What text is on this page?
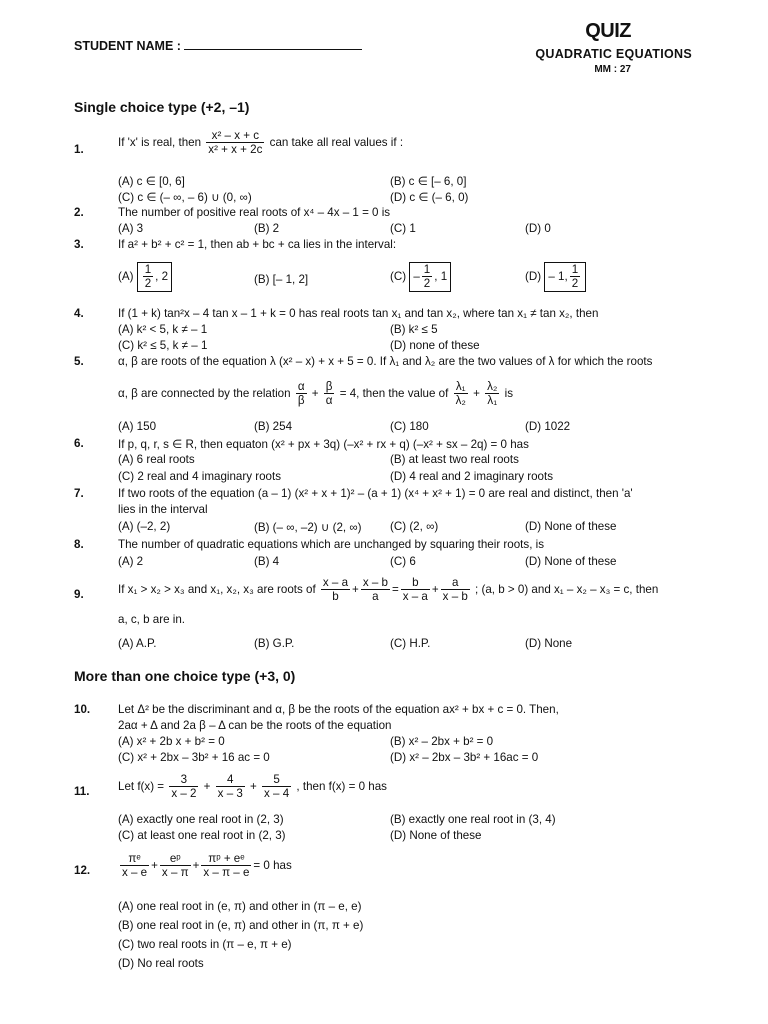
QUIZ
QUADRATIC EQUATIONS
MM : 27
STUDENT NAME :
Single choice type (+2, –1)
1.
If 'x' is real, then $\frac{\text{x² – x + c}}{\text{x² + x + 2c}}$ can take all real values if :
(A) c ∈ [0, 6]	(B) c ∈ [– 6, 0]
(C) c ∈ (– ∞, – 6) ∪ (0, ∞)	(D) c ∈ (– 6, 0)
2.	The number of positive real roots of x⁴ – 4x – 1 = 0 is
(A) 3	(B) 2	(C) 1	(D) 0
3.	If a² + b² + c² = 1, then ab + bc + ca lies in the interval:
$(A) \frac{1}{2}$ , 2	(B) [– 1, 2]	$(C) - \frac{1}{2}$ , 1	(D) – 1, $\frac{1}{2}$
4.	If (1 + k) tan²x – 4 tan x – 1 + k = 0 has real roots tan x₁ and tan x₂, where tan x₁ ≠ tan x₂, then
(A) k² < 5, k ≠ – 1	(B) k² ≤ 5
(C) k² ≤ 5, k ≠ – 1	(D) none of these
5.	α, β are roots of the equation λ (x² – x) + x + 5 = 0. If λ₁ and λ₂ are the two values of λ for which the roots
α, β are connected by the relation $\frac{\alpha}{\beta} + \frac{\beta}{\alpha} = 4$, then the value of $\frac{\text{λ₁}}{\text{λ₂}} + \frac{\text{λ₂}}{\text{λ₁}}$ is
(A) 150	(B) 254	(C) 180	(D) 1022
6.	If p, q, r, s ∈ R, then equaton (x² + px + 3q) (–x² + rx + q) (–x² + sx – 2q) = 0 has
(A) 6 real roots	(B) at least two real roots
(C) 2 real and 4 imaginary roots	(D) 4 real and 2 imaginary roots
7.	If two roots of the equation (a – 1) (x² + x + 1)² – (a + 1) (x⁴ + x² + 1) = 0 are real and distinct, then 'a'
lies in the interval
(A) (–2, 2)	(B) (– ∞, –2) ∪ (2, ∞) (C) (2, ∞)	(D) None of these
8.	The number of quadratic equations which are unchanged by squaring their roots, is
(A) 2	(B) 4	(C) 6	(D) None of these
9.	If x₁ > x₂ > x₃ and x₁, x₂, x₃ are roots of $\frac{x - a}{b} + \frac{x - b}{a} = \frac{b}{x - a} + \frac{a}{x - b}$ ; (a, b > 0) and x₁ – x₂ – x₃ = c, then
a, c, b are in.
(A) A.P.	(B) G.P.	(C) H.P.	(D) None
More than one choice type (+3, 0)
10. Let Δ² be the discriminant and α, β be the roots of the equation ax² + bx + c = 0. Then,
2aα + Δ and 2a β – Δ can be the roots of the equation
(A) x² + 2b x + b² = 0	(B) x² – 2bx + b² = 0
(C) x² + 2bx – 3b² + 16 ac = 0	(D) x² – 2bx – 3b² + 16ac = 0
11. Let $f(x) = \frac{3}{x - 2} + \frac{4}{x - 3} + \frac{5}{x - 4}$ , then f(x) = 0 has
(A) exactly one real root in (2, 3)	(B) exactly one real root in (3, 4)
(C) at least one real root in (2, 3)	(D) None of these
12.	$\frac{\text{πᵉ}}{x - e} + \frac{\text{eᵖ}}{x - \pi} + \frac{\text{πᵖ + eᵉ}}{x - \pi - e} = 0$ has
(A) one real root in (e, π) and other in (π – e, e)
(B) one real root in (e, π) and other in (π, π + e)
(C) two real roots in (π – e, π + e)
(D) No real roots
